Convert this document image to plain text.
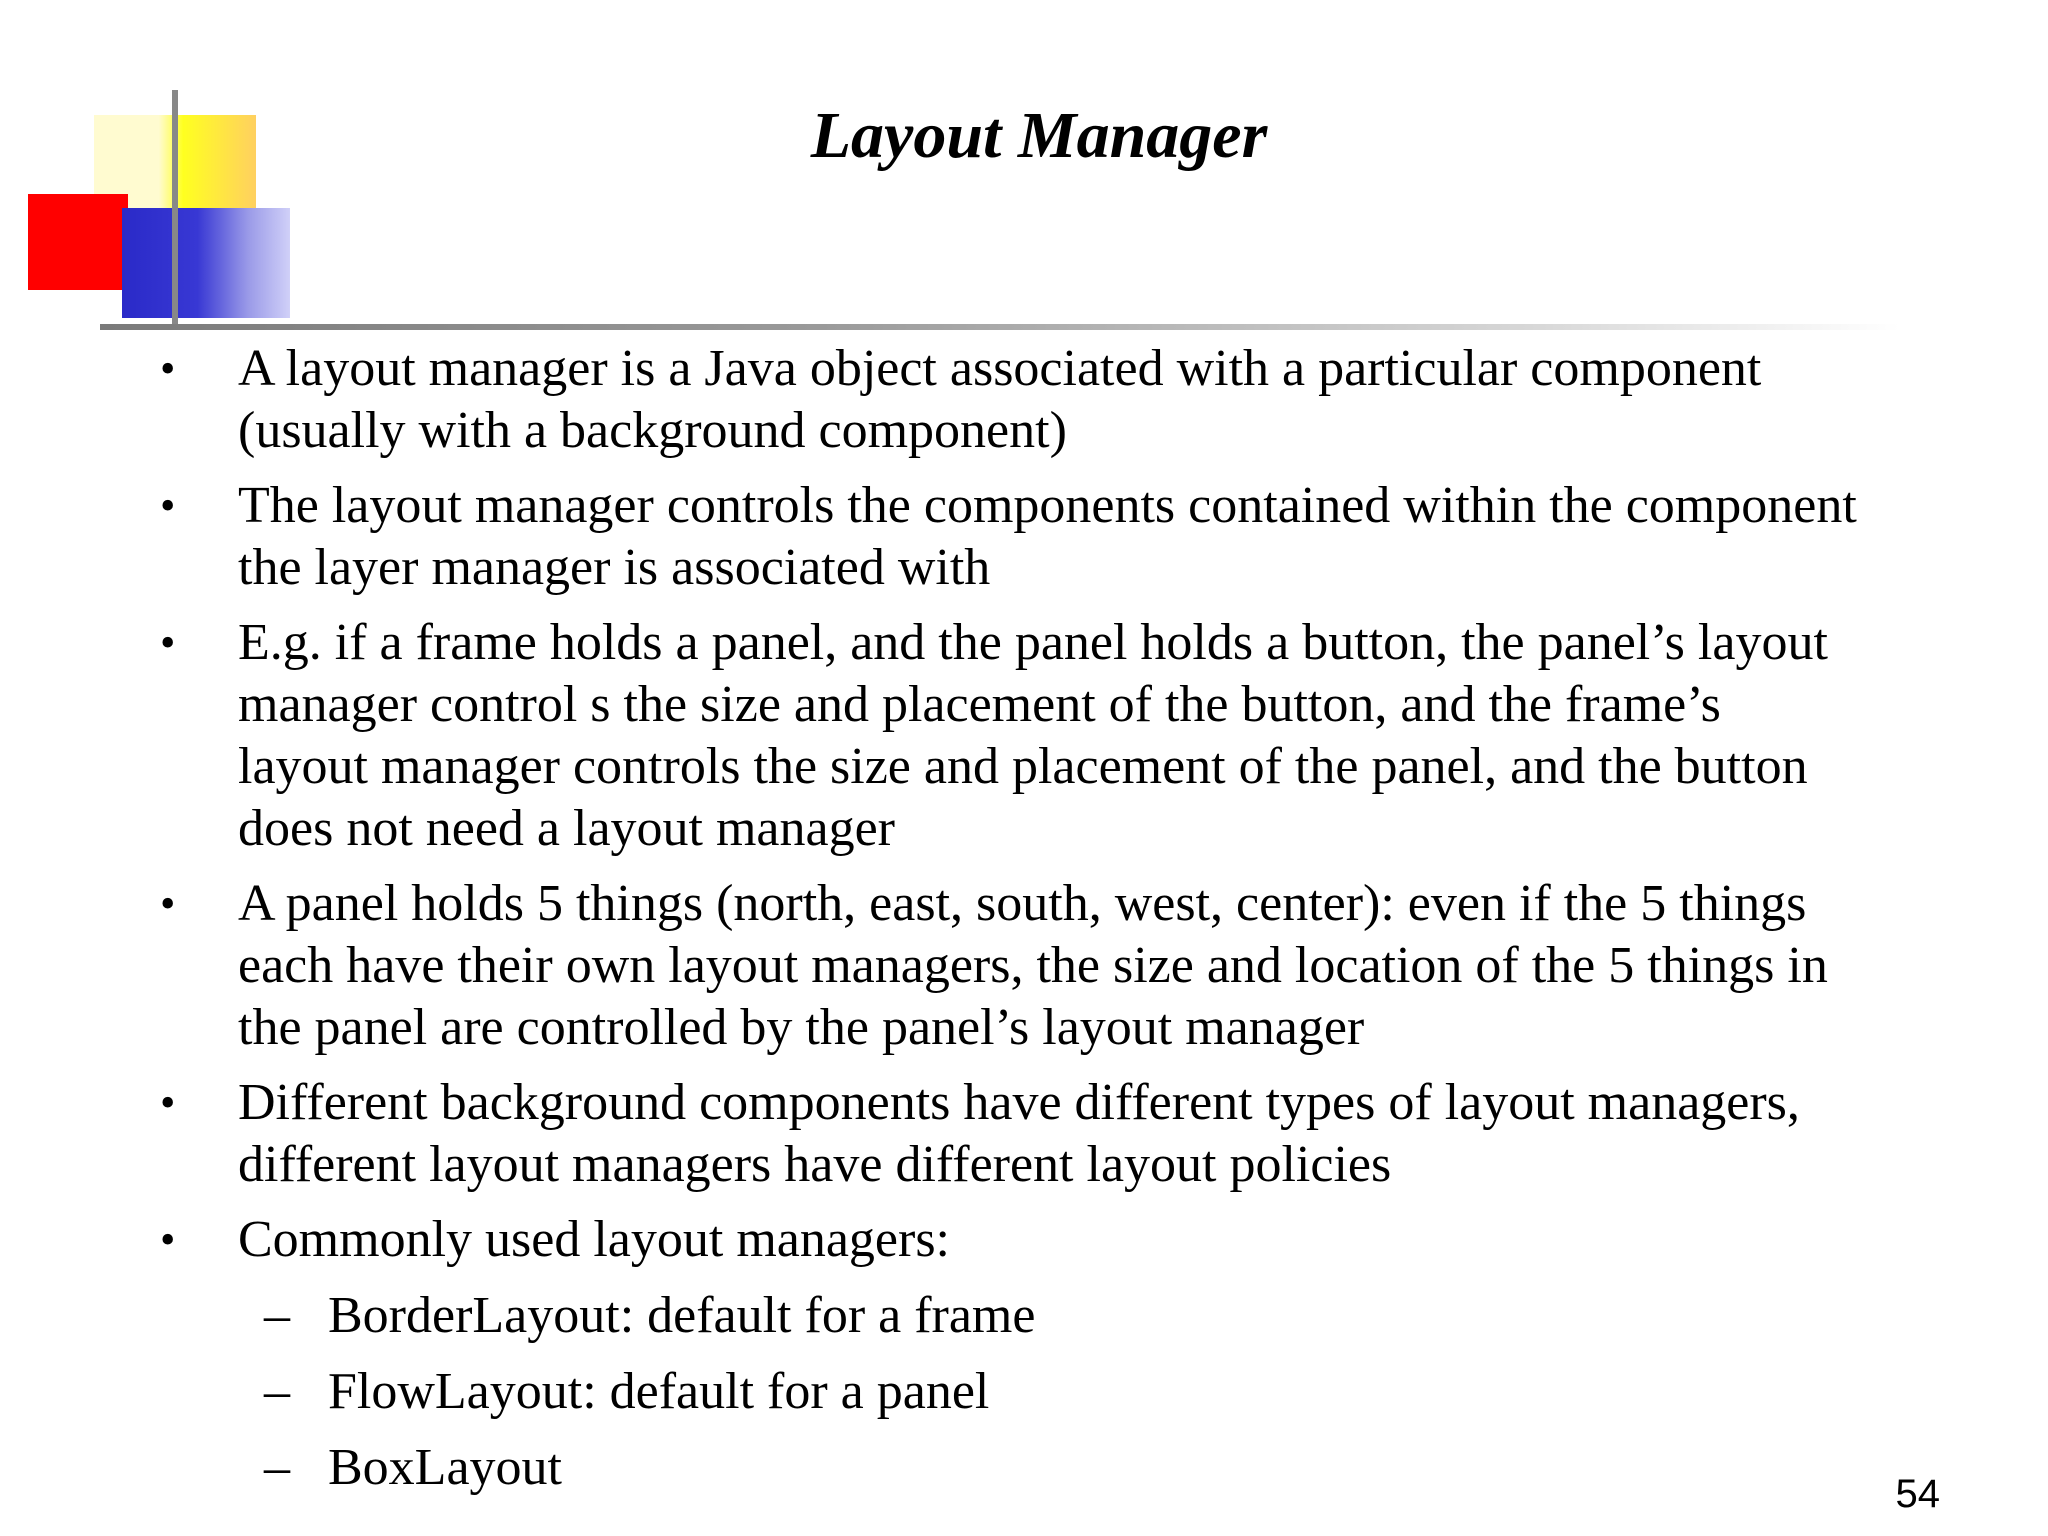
Layout Manager
• A layout manager is a Java object associated with a particular component (usually with a background component)
• The layout manager controls the components contained within the component the layer manager is associated with
• E.g. if a frame holds a panel, and the panel holds a button, the panel’s layout manager control s the size and placement of the button, and the frame’s layout manager controls the size and placement of the panel, and the button does not need a layout manager
• A panel holds 5 things (north, east, south, west, center): even if the 5 things each have their own layout managers, the size and location of the 5 things in the panel are controlled by the panel’s layout manager
• Different background components have different types of layout managers, different layout managers have different layout policies
• Commonly used layout managers:
– BorderLayout: default for a frame
– FlowLayout: default for a panel
– BoxLayout	54
